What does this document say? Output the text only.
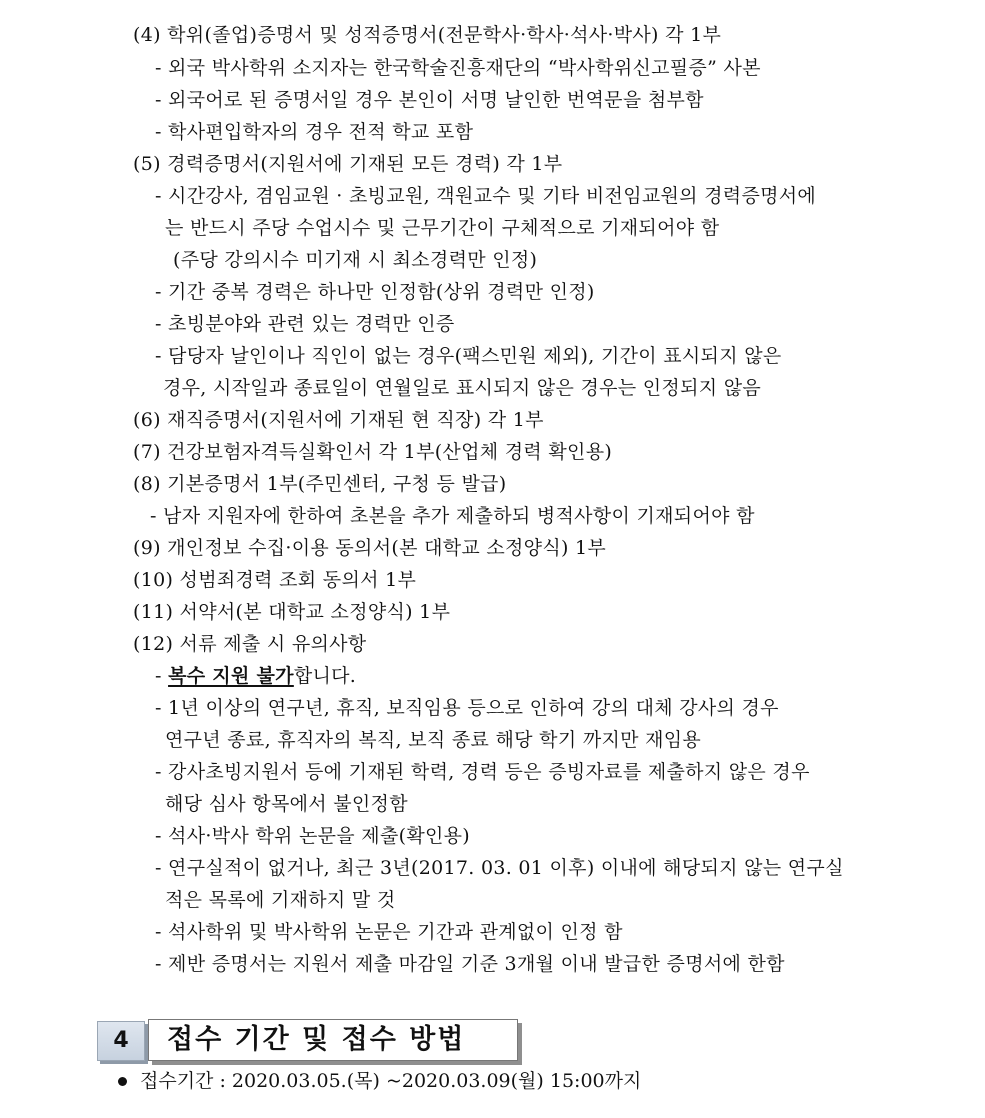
(4) 학위(졸업)증명서 및 성적증명서(전문학사·학사·석사·박사) 각 1부
- 외국 박사학위 소지자는 한국학술진흥재단의 “박사학위신고필증” 사본
- 외국어로 된 증명서일 경우 본인이 서명 날인한 번역문을 첨부함
- 학사편입학자의 경우 전적 학교 포함
(5) 경력증명서(지원서에 기재된 모든 경력) 각 1부
- 시간강사, 겸임교원 · 초빙교원, 객원교수 및 기타 비전임교원의 경력증명서에
는 반드시 주당 수업시수 및 근무기간이 구체적으로 기재되어야 함
(주당 강의시수 미기재 시 최소경력만 인정)
- 기간 중복 경력은 하나만 인정함(상위 경력만 인정)
- 초빙분야와 관련 있는 경력만 인증
- 담당자 날인이나 직인이 없는 경우(팩스민원 제외), 기간이 표시되지 않은
경우, 시작일과 종료일이 연월일로 표시되지 않은 경우는 인정되지 않음
(6) 재직증명서(지원서에 기재된 현 직장) 각 1부
(7) 건강보험자격득실확인서 각 1부(산업체 경력 확인용)
(8) 기본증명서 1부(주민센터, 구청 등 발급)
- 남자 지원자에 한하여 초본을 추가 제출하되 병적사항이 기재되어야 함
(9) 개인정보 수집·이용 동의서(본 대학교 소정양식) 1부
(10) 성범죄경력 조회 동의서 1부
(11) 서약서(본 대학교 소정양식) 1부
(12) 서류 제출 시 유의사항
- 복수 지원 불가합니다.
- 1년 이상의 연구년, 휴직, 보직임용 등으로 인하여 강의 대체 강사의 경우
연구년 종료, 휴직자의 복직, 보직 종료 해당 학기 까지만 재임용
- 강사초빙지원서 등에 기재된 학력, 경력 등은 증빙자료를 제출하지 않은 경우
해당 심사 항목에서 불인정함
- 석사·박사 학위 논문을 제출(확인용)
- 연구실적이 없거나, 최근 3년(2017. 03. 01 이후) 이내에 해당되지 않는 연구실
적은 목록에 기재하지 말 것
- 석사학위 및 박사학위 논문은 기간과 관계없이 인정 함
- 제반 증명서는 지원서 제출 마감일 기준 3개월 이내 발급한 증명서에 한함
4	접수 기간 및 접수 방법
접수기간 : 2020.03.05.(목) ~2020.03.09(월) 15:00까지
